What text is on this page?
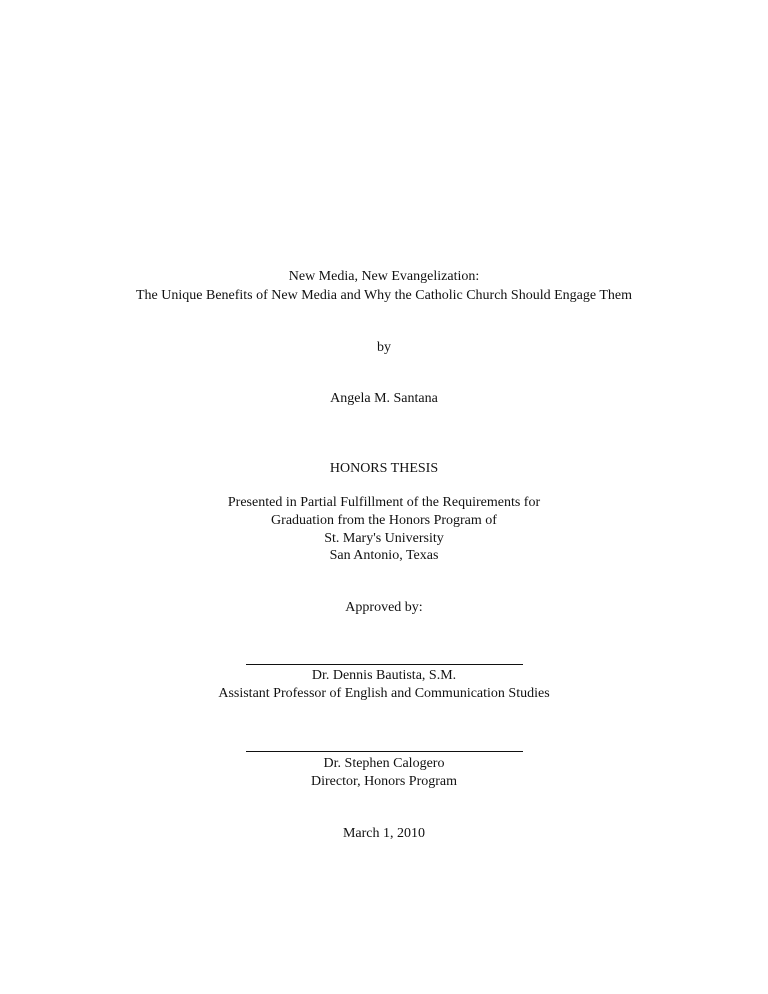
New Media, New Evangelization:
The Unique Benefits of New Media and Why the Catholic Church Should Engage Them
by
Angela M. Santana
HONORS THESIS
Presented in Partial Fulfillment of the Requirements for
Graduation from the Honors Program of
St. Mary's University
San Antonio, Texas
Approved by:
Dr. Dennis Bautista, S.M.
Assistant Professor of English and Communication Studies
Dr. Stephen Calogero
Director, Honors Program
March 1, 2010
